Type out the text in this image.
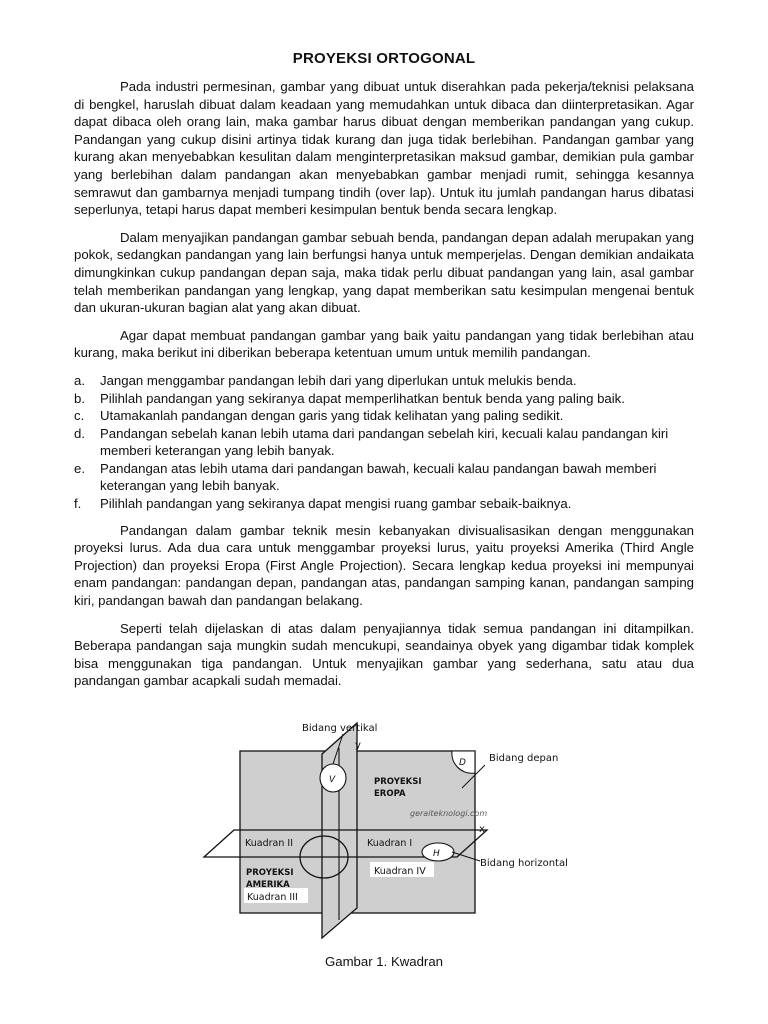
PROYEKSI ORTOGONAL

Pada industri permesinan, gambar yang dibuat untuk diserahkan pada pekerja/teknisi pelaksana di bengkel, haruslah dibuat dalam keadaan yang memudahkan untuk dibaca dan diinterpretasikan. Agar dapat dibaca oleh orang lain, maka gambar harus dibuat dengan memberikan pandangan yang cukup. Pandangan yang cukup disini artinya tidak kurang dan juga tidak berlebihan. Pandangan gambar yang kurang akan menyebabkan kesulitan dalam menginterpretasikan maksud gambar, demikian pula gambar yang berlebihan dalam pandangan akan menyebabkan gambar menjadi rumit, sehingga kesannya semrawut dan gambarnya menjadi tumpang tindih (over lap). Untuk itu jumlah pandangan harus dibatasi seperlunya, tetapi harus dapat memberi kesimpulan bentuk benda secara lengkap.

Dalam menyajikan pandangan gambar sebuah benda, pandangan depan adalah merupakan yang pokok, sedangkan pandangan yang lain berfungsi hanya untuk memperjelas. Dengan demikian andaikata dimungkinkan cukup pandangan depan saja, maka tidak perlu dibuat pandangan yang lain, asal gambar telah memberikan pandangan yang lengkap, yang dapat memberikan satu kesimpulan mengenai bentuk dan ukuran-ukuran bagian alat yang akan dibuat.

Agar dapat membuat pandangan gambar yang baik yaitu pandangan yang tidak berlebihan atau kurang, maka berikut ini diberikan beberapa ketentuan umum untuk memilih pandangan.

a. Jangan menggambar pandangan lebih dari yang diperlukan untuk melukis benda.
b. Pilihlah pandangan yang sekiranya dapat memperlihatkan bentuk benda yang paling baik.
c. Utamakanlah pandangan dengan garis yang tidak kelihatan yang paling sedikit.
d. Pandangan sebelah kanan lebih utama dari pandangan sebelah kiri, kecuali kalau pandangan kiri memberi keterangan yang lebih banyak.
e. Pandangan atas lebih utama dari pandangan bawah, kecuali kalau pandangan bawah memberi keterangan yang lebih banyak.
f. Pilihlah pandangan yang sekiranya dapat mengisi ruang gambar sebaik-baiknya.

Pandangan dalam gambar teknik mesin kebanyakan divisualisasikan dengan menggunakan proyeksi lurus. Ada dua cara untuk menggambar proyeksi lurus, yaitu proyeksi Amerika (Third Angle Projection) dan proyeksi Eropa (First Angle Projection). Secara lengkap kedua proyeksi ini mempunyai enam pandangan: pandangan depan, pandangan atas, pandangan samping kanan, pandangan samping kiri, pandangan bawah dan pandangan belakang.

Seperti telah dijelaskan di atas dalam penyajiannya tidak semua pandangan ini ditampilkan. Beberapa pandangan saja mungkin sudah mencukupi, seandainya obyek yang digambar tidak komplek bisa menggunakan tiga pandangan. Untuk menyajikan gambar yang sederhana, satu atau dua pandangan gambar acapkali sudah memadai.

Bidang vertikal
y
x
Bidang depan
Bidang horizontal
D
V
H
PROYEKSI
EROPA
geraiteknologi.com
Kuadran II	Kuadran I
PROYEKSI
AMERIKA
Kuadran IV
Kuadran III
Gambar 1. Kwadran
